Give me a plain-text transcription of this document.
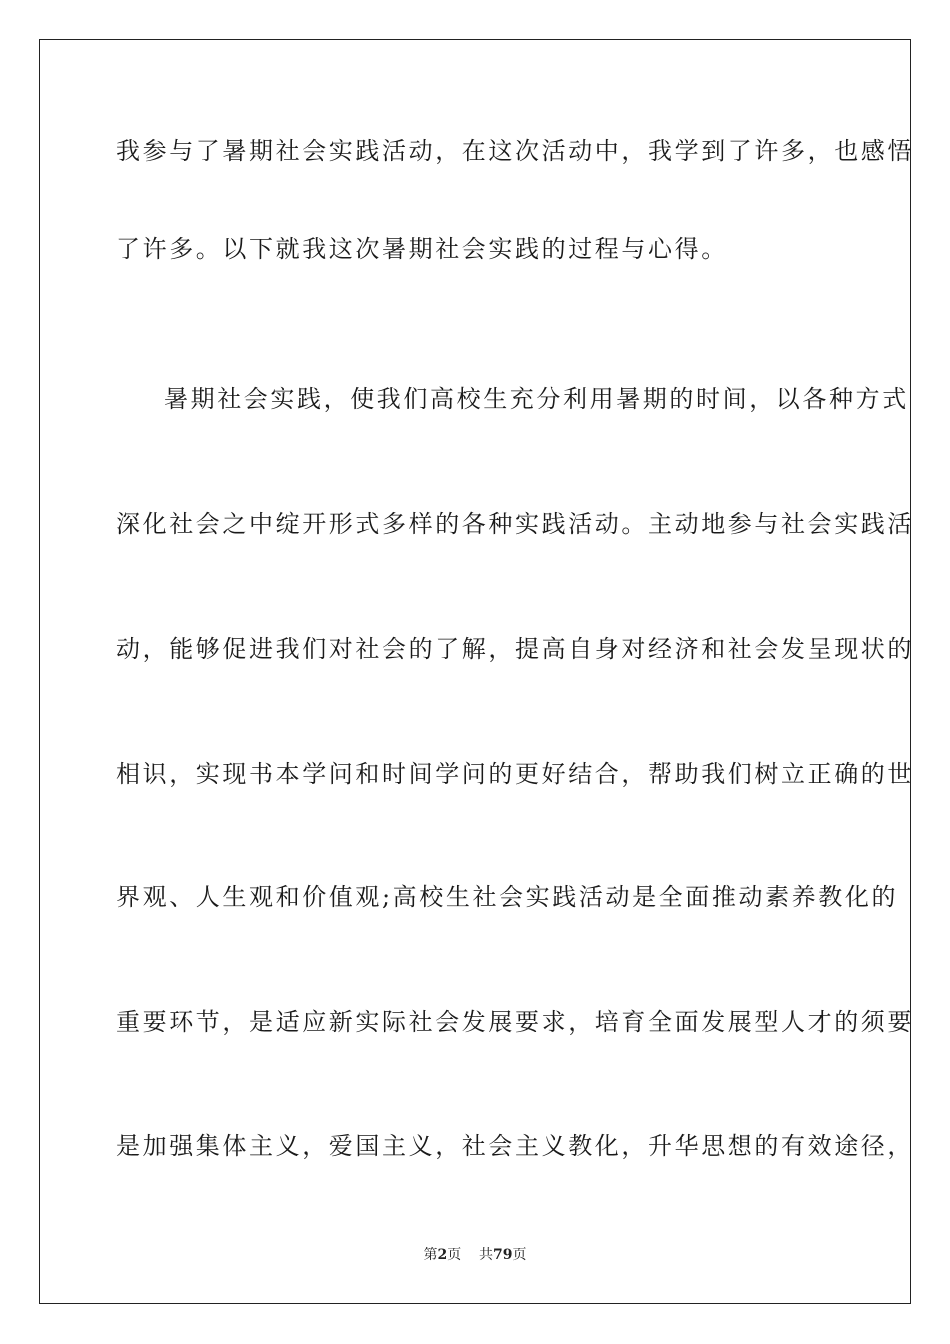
我参与了暑期社会实践活动，在这次活动中，我学到了许多，也感悟
了许多。以下就我这次暑期社会实践的过程与心得。
暑期社会实践，使我们高校生充分利用暑期的时间，以各种方式
深化社会之中绽开形式多样的各种实践活动。主动地参与社会实践活
动，能够促进我们对社会的了解，提高自身对经济和社会发呈现状的
相识，实现书本学问和时间学问的更好结合，帮助我们树立正确的世
界观、人生观和价值观;高校生社会实践活动是全面推动素养教化的
重要环节，是适应新实际社会发展要求，培育全面发展型人才的须要
是加强集体主义，爱国主义，社会主义教化，升华思想的有效途径，
第2页 共79页
